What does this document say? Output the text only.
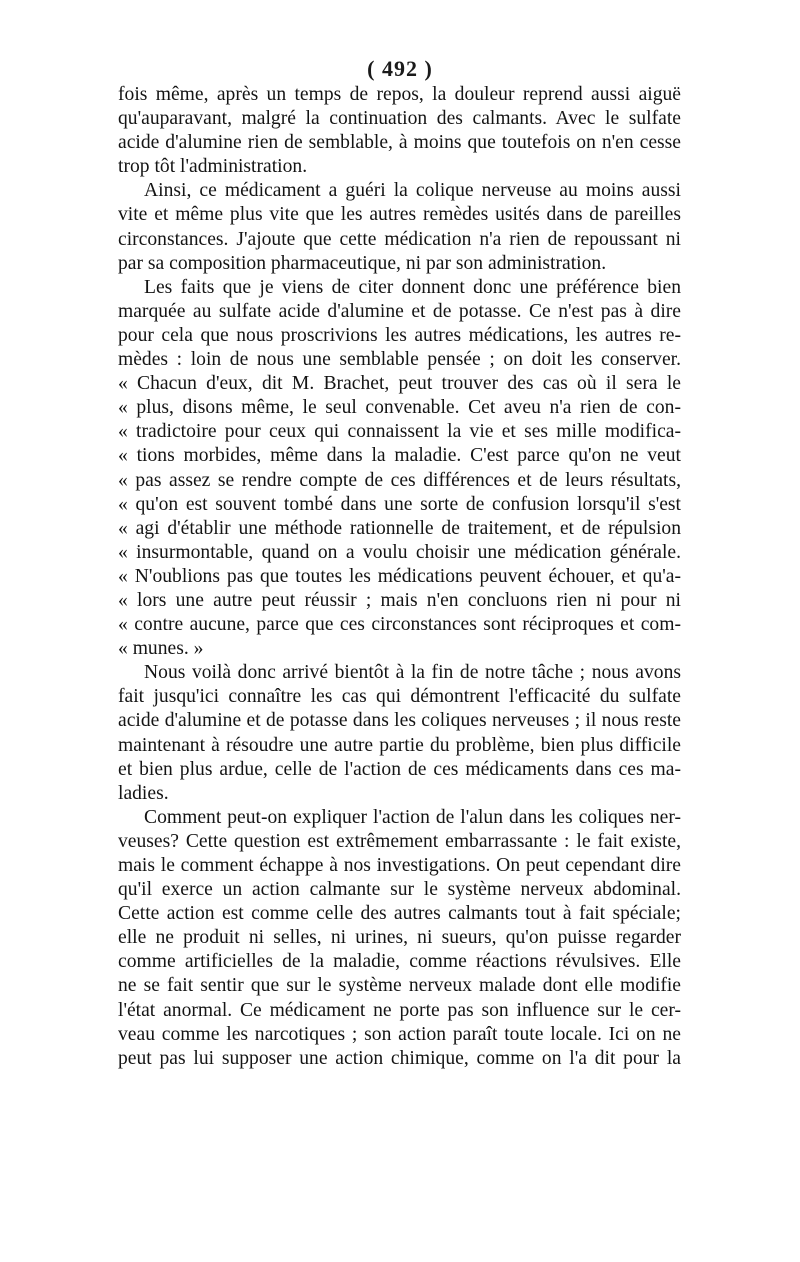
( 492 )
fois même, après un temps de repos, la douleur reprend aussi aiguë
qu'auparavant, malgré la continuation des calmants. Avec le sulfate
acide d'alumine rien de semblable, à moins que toutefois on n'en cesse
trop tôt l'administration.
Ainsi, ce médicament a guéri la colique nerveuse au moins aussi
vite et même plus vite que les autres remèdes usités dans de pareilles
circonstances. J'ajoute que cette médication n'a rien de repoussant ni
par sa composition pharmaceutique, ni par son administration.
Les faits que je viens de citer donnent donc une préférence bien
marquée au sulfate acide d'alumine et de potasse. Ce n'est pas à dire
pour cela que nous proscrivions les autres médications, les autres re-
mèdes : loin de nous une semblable pensée ; on doit les conserver.
« Chacun d'eux, dit M. Brachet, peut trouver des cas où il sera le
« plus, disons même, le seul convenable. Cet aveu n'a rien de con-
« tradictoire pour ceux qui connaissent la vie et ses mille modifica-
« tions morbides, même dans la maladie. C'est parce qu'on ne veut
« pas assez se rendre compte de ces différences et de leurs résultats,
« qu'on est souvent tombé dans une sorte de confusion lorsqu'il s'est
« agi d'établir une méthode rationnelle de traitement, et de répulsion
« insurmontable, quand on a voulu choisir une médication générale.
« N'oublions pas que toutes les médications peuvent échouer, et qu'a-
« lors une autre peut réussir ; mais n'en concluons rien ni pour ni
« contre aucune, parce que ces circonstances sont réciproques et com-
« munes. »
Nous voilà donc arrivé bientôt à la fin de notre tâche ; nous avons
fait jusqu'ici connaître les cas qui démontrent l'efficacité du sulfate
acide d'alumine et de potasse dans les coliques nerveuses ; il nous reste
maintenant à résoudre une autre partie du problème, bien plus difficile
et bien plus ardue, celle de l'action de ces médicaments dans ces ma-
ladies.
Comment peut-on expliquer l'action de l'alun dans les coliques ner-
veuses? Cette question est extrêmement embarrassante : le fait existe,
mais le comment échappe à nos investigations. On peut cependant dire
qu'il exerce un action calmante sur le système nerveux abdominal.
Cette action est comme celle des autres calmants tout à fait spéciale;
elle ne produit ni selles, ni urines, ni sueurs, qu'on puisse regarder
comme artificielles de la maladie, comme réactions révulsives. Elle
ne se fait sentir que sur le système nerveux malade dont elle modifie
l'état anormal. Ce médicament ne porte pas son influence sur le cer-
veau comme les narcotiques ; son action paraît toute locale. Ici on ne
peut pas lui supposer une action chimique, comme on l'a dit pour la
